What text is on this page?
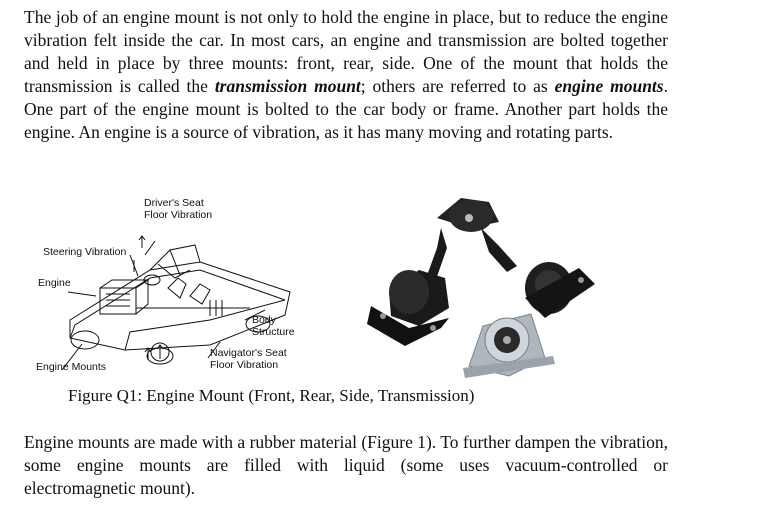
The job of an engine mount is not only to hold the engine in place, but to reduce the engine vibration felt inside the car. In most cars, an engine and transmission are bolted together and held in place by three mounts: front, rear, side. One of the mount that holds the transmission is called the transmission mount; others are referred to as engine mounts. One part of the engine mount is bolted to the car body or frame. Another part holds the engine. An engine is a source of vibration, as it has many moving and rotating parts.

Driver's Seat
Floor Vibration
Steering Vibration
Engine
Body
Structure
Navigator's Seat
Floor Vibration
Engine Mounts

Figure Q1: Engine Mount (Front, Rear, Side, Transmission)

Engine mounts are made with a rubber material (Figure 1). To further dampen the vibration, some engine mounts are filled with liquid (some uses vacuum-controlled or electromagnetic mount).
